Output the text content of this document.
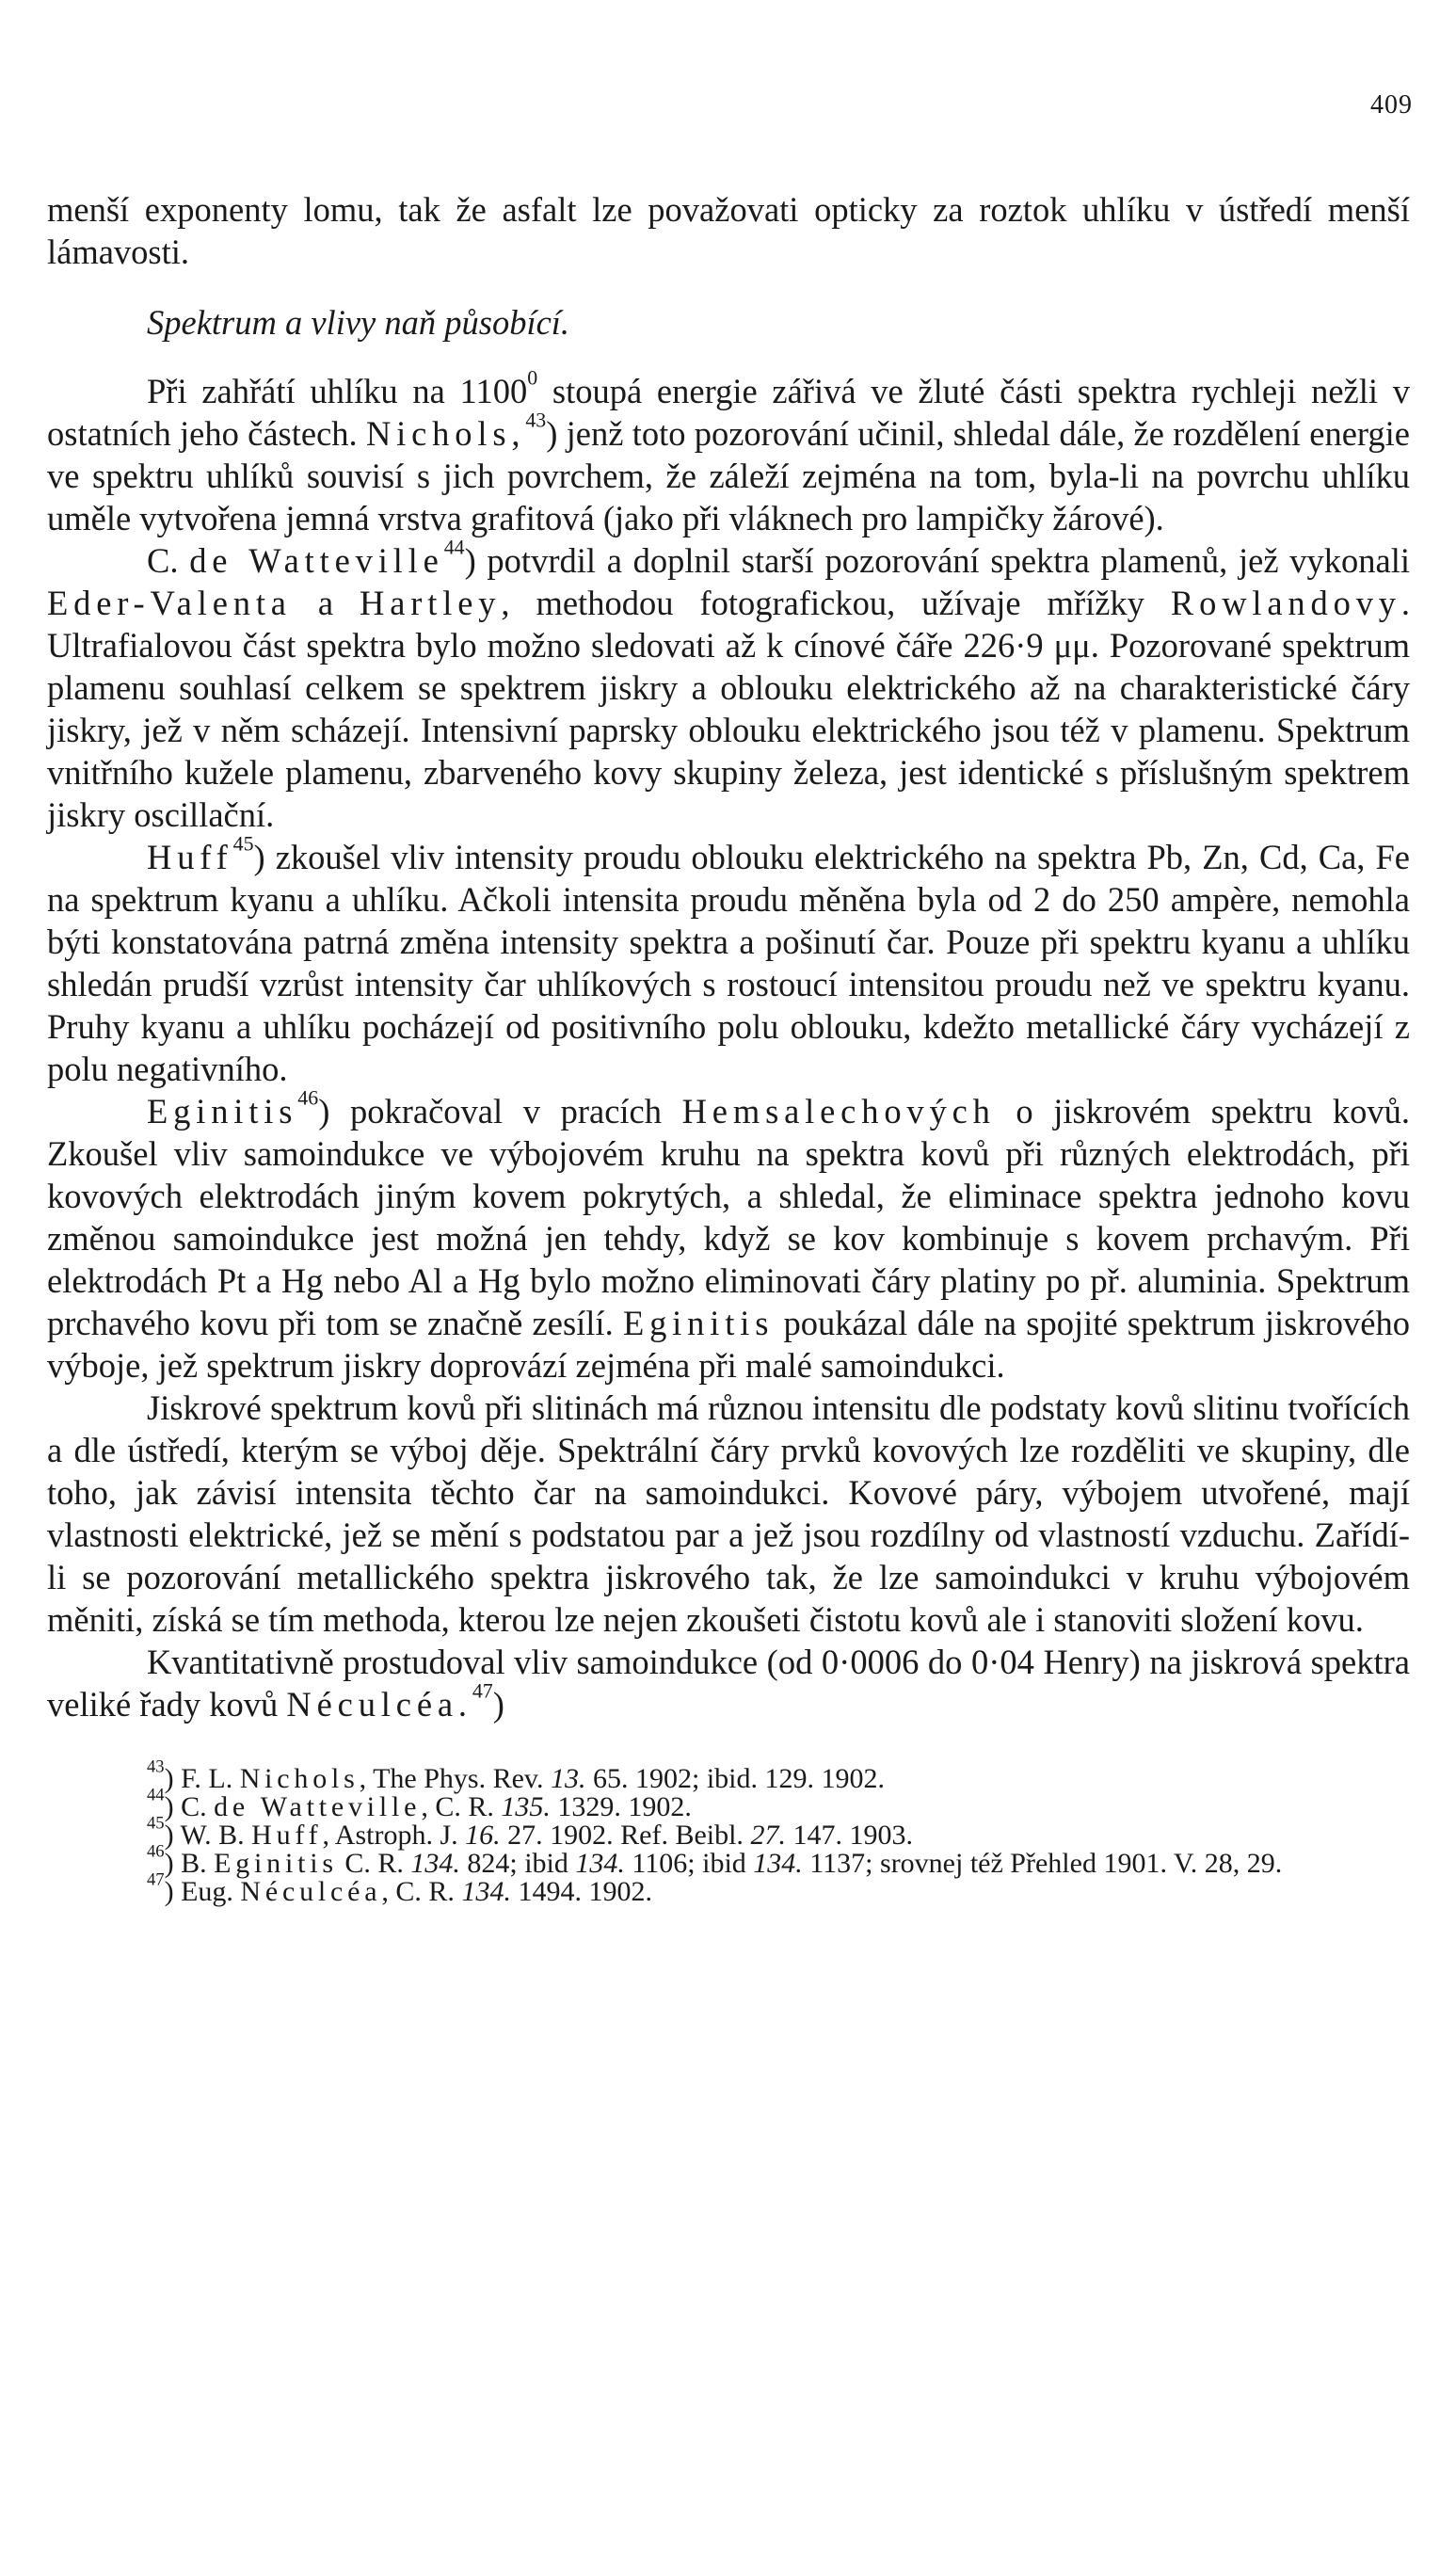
409

menší exponenty lomu, tak že asfalt lze považovati opticky za roztok uhlíku v ústředí menší lámavosti.

Spektrum a vlivy naň působící.

Při zahřátí uhlíku na 1100$^0$ stoupá energie zářivá ve žluté části spektra rychleji nežli v ostatních jeho částech. Nichols,$^{43}$) jenž toto pozorování učinil, shledal dále, že rozdělení energie ve spektru uhlíků souvisí s jich povrchem, že záleží zejména na tom, byla-li na povrchu uhlíku uměle vytvořena jemná vrstva grafitová (jako při vláknech pro lampičky žárové).

C. de Watteville$^{44}$) potvrdil a doplnil starší pozorování spektra plamenů, jež vykonali Eder-Valenta a Hartley, methodou fotografickou, užívaje mřížky Rowlandovy. Ultrafialovou část spektra bylo možno sledovati až k cínové čáře 226·9 μμ. Pozorované spektrum plamenu souhlasí celkem se spektrem jiskry a oblouku elektrického až na charakteristické čáry jiskry, jež v něm scházejí. Intensivní paprsky oblouku elektrického jsou též v plamenu. Spektrum vnitřního kužele plamenu, zbarveného kovy skupiny železa, jest identické s příslušným spektrem jiskry oscillační.

Huff$^{45}$) zkoušel vliv intensity proudu oblouku elektrického na spektra Pb, Zn, Cd, Ca, Fe na spektrum kyanu a uhlíku. Ačkoli intensita proudu měněna byla od 2 do 250 ampère, nemohla býti konstatována patrná změna intensity spektra a pošinutí čar. Pouze při spektru kyanu a uhlíku shledán prudší vzrůst intensity čar uhlíkových s rostoucí intensitou proudu než ve spektru kyanu. Pruhy kyanu a uhlíku pocházejí od positivního polu oblouku, kdežto metallické čáry vycházejí z polu negativního.

Eginitis$^{46}$) pokračoval v pracích Hemsalechových o jiskrovém spektru kovů. Zkoušel vliv samoindukce ve výbojovém kruhu na spektra kovů při různých elektrodách, při kovových elektrodách jiným kovem pokrytých, a shledal, že eliminace spektra jednoho kovu změnou samoindukce jest možná jen tehdy, když se kov kombinuje s kovem prchavým. Při elektrodách Pt a Hg nebo Al a Hg bylo možno eliminovati čáry platiny po př. aluminia. Spektrum prchavého kovu při tom se značně zesílí. Eginitis poukázal dále na spojité spektrum jiskrového výboje, jež spektrum jiskry doprovází zejména při malé samoindukci.

Jiskrové spektrum kovů při slitinách má různou intensitu dle podstaty kovů slitinu tvořících a dle ústředí, kterým se výboj děje. Spektrální čáry prvků kovových lze rozděliti ve skupiny, dle toho, jak závisí intensita těchto čar na samoindukci. Kovové páry, výbojem utvořené, mají vlastnosti elektrické, jež se mění s podstatou par a jež jsou rozdílny od vlastností vzduchu. Zařídí-li se pozorování metallického spektra jiskrového tak, že lze samoindukci v kruhu výbojovém měniti, získá se tím methoda, kterou lze nejen zkoušeti čistotu kovů ale i stanoviti složení kovu.

Kvantitativně prostudoval vliv samoindukce (od 0·0006 do 0·04 Henry) na jiskrová spektra veliké řady kovů Néculcéa.$^{47}$)

$^{43}$) F. L. Nichols, The Phys. Rev. 13. 65. 1902; ibid. 129. 1902.

$^{44}$) C. de Watteville, C. R. 135. 1329. 1902.

$^{45}$) W. B. Huff, Astroph. J. 16. 27. 1902. Ref. Beibl. 27. 147. 1903.

$^{46}$) B. Eginitis C. R. 134. 824; ibid 134. 1106; ibid 134. 1137; srovnej též Přehled 1901. V. 28, 29.

$^{47}$) Eug. Néculcéa, C. R. 134. 1494. 1902.
